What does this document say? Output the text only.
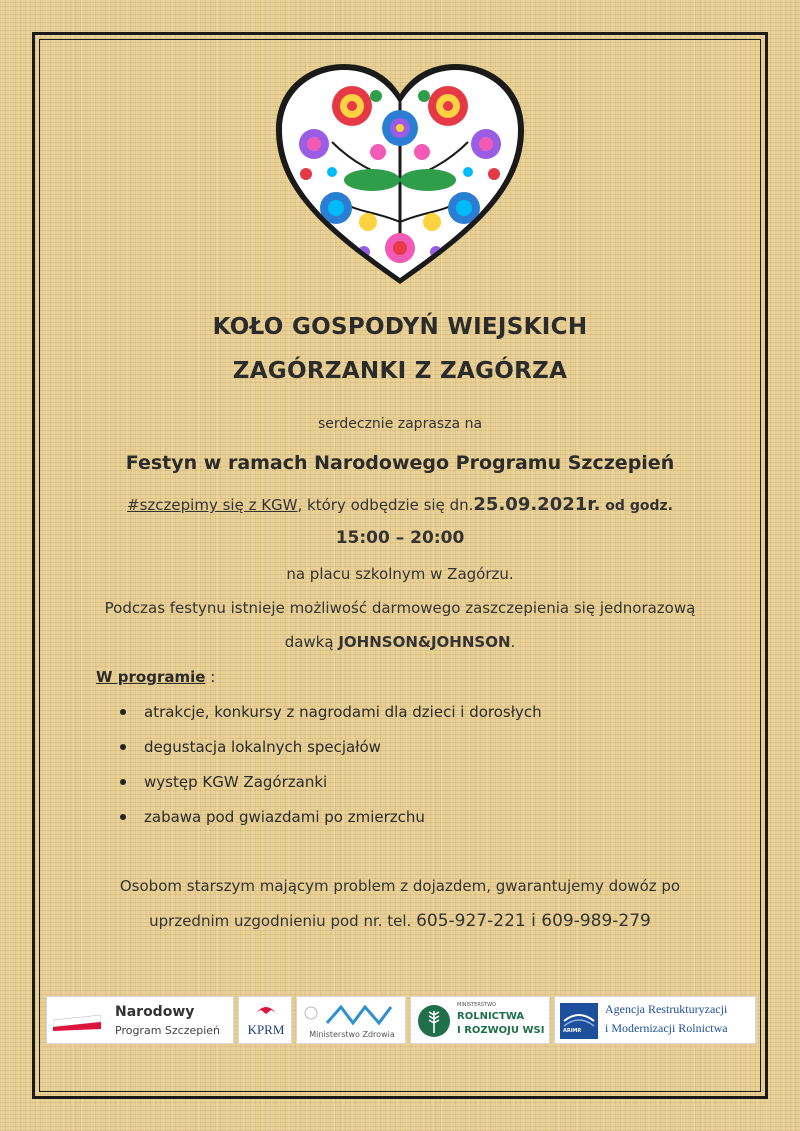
KOŁO GOSPODYŃ WIEJSKICH
ZAGÓRZANKI Z ZAGÓRZA
serdecznie zaprasza na
Festyn w ramach Narodowego Programu Szczepień
#szczepimy się z KGW, który odbędzie się dn.25.09.2021r. od godz.
15:00 – 20:00
na placu szkolnym w Zagórzu.
Podczas festynu istnieje możliwość darmowego zaszczepienia się jednorazową
dawką JOHNSON&JOHNSON.
W programie :
atrakcje, konkursy z nagrodami dla dzieci i dorosłych
degustacja lokalnych specjałów
występ KGW Zagórzanki
zabawa pod gwiazdami po zmierzchu
Osobom starszym mającym problem z dojazdem, gwarantujemy dowóz po
uprzednim uzgodnieniu pod nr. tel. 605-927-221 i 609-989-279
Narodowy
Program Szczepień	KPRM	Ministerstwo Zdrowia
MINISTERSTWO
ROLNICTWA
I ROZWOJU WSI	ARiMR
Agencja Restrukturyzacji
i Modernizacji Rolnictwa
